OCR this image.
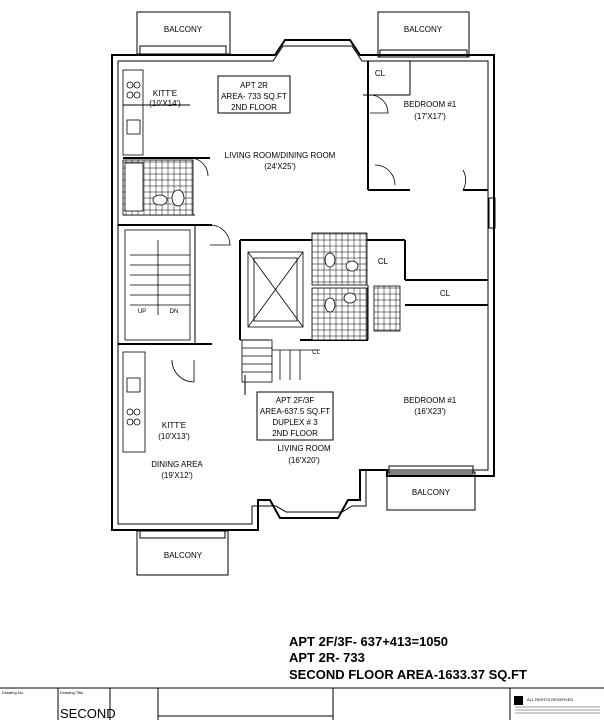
BALCONY	BALCONY
BALCONY
BALCONY
UP	DN
CL
APT 2R
AREA- 733 SQ.FT
2ND FLOOR
KITT'E
(10'X14')
LIVING ROOM/DINING ROOM
(24'X25')
BEDROOM #1
(17'X17')
CL
CL
CL
APT 2F/3F
AREA-637.5 SQ.FT
DUPLEX # 3
2ND FLOOR
BEDROOM #1
(16'X23')
KITT'E
(10'X13')
DINING AREA
(19'X12')
LIVING ROOM
(16'X20')
APT 2F/3F- 637+413=1050
APT 2R- 733
SECOND FLOOR AREA-1633.37 SQ.FT
Drawing No.	Drawing Title
SECOND
ALL RIGHTS RESERVED
